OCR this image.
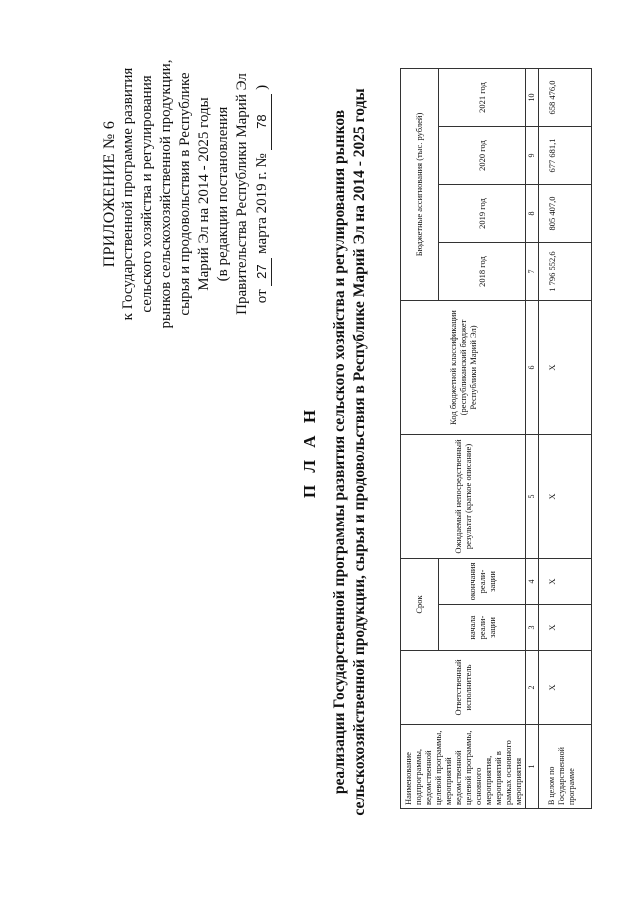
ПРИЛОЖЕНИЕ № 6 к Государственной программе развития сельского хозяйства и регулирования рынков сельскохозяйственной продукции, сырья и продовольствия в Республике Марий Эл на 2014 - 2025 годы (в редакции постановления Правительства Республики Марий Эл от 27 марта 2019 г. № 78 )
П Л А Н реализации Государственной программы развития сельского хозяйства и регулирования рынков сельскохозяйственной продукции, сырья и продовольствия в Республике Марий Эл на 2014 - 2025 годы	Наименование подпрограммы, ведомственной целевой программы, мероприятий ведомственной целевой программы, основного мероприятия, мероприятий в рамках основного мероприятия	Ответственный исполнитель	Срок		Ожидаемый непосредственный результат (краткое описание)	Код бюджетной классификации (республиканский бюджет Республики Марий Эл)	Бюджетные ассигнования (тыс. рублей)			
		начала реали-зации	окончания реали-зации			2018 год	2019 год	2020 год	2021 год
1	2	3	4	5	6	7	8	9	10
В целом по Государственной программе	Х	Х	Х	Х	Х	1 796 552,6	805 407,0	677 681,1	658 476,0
